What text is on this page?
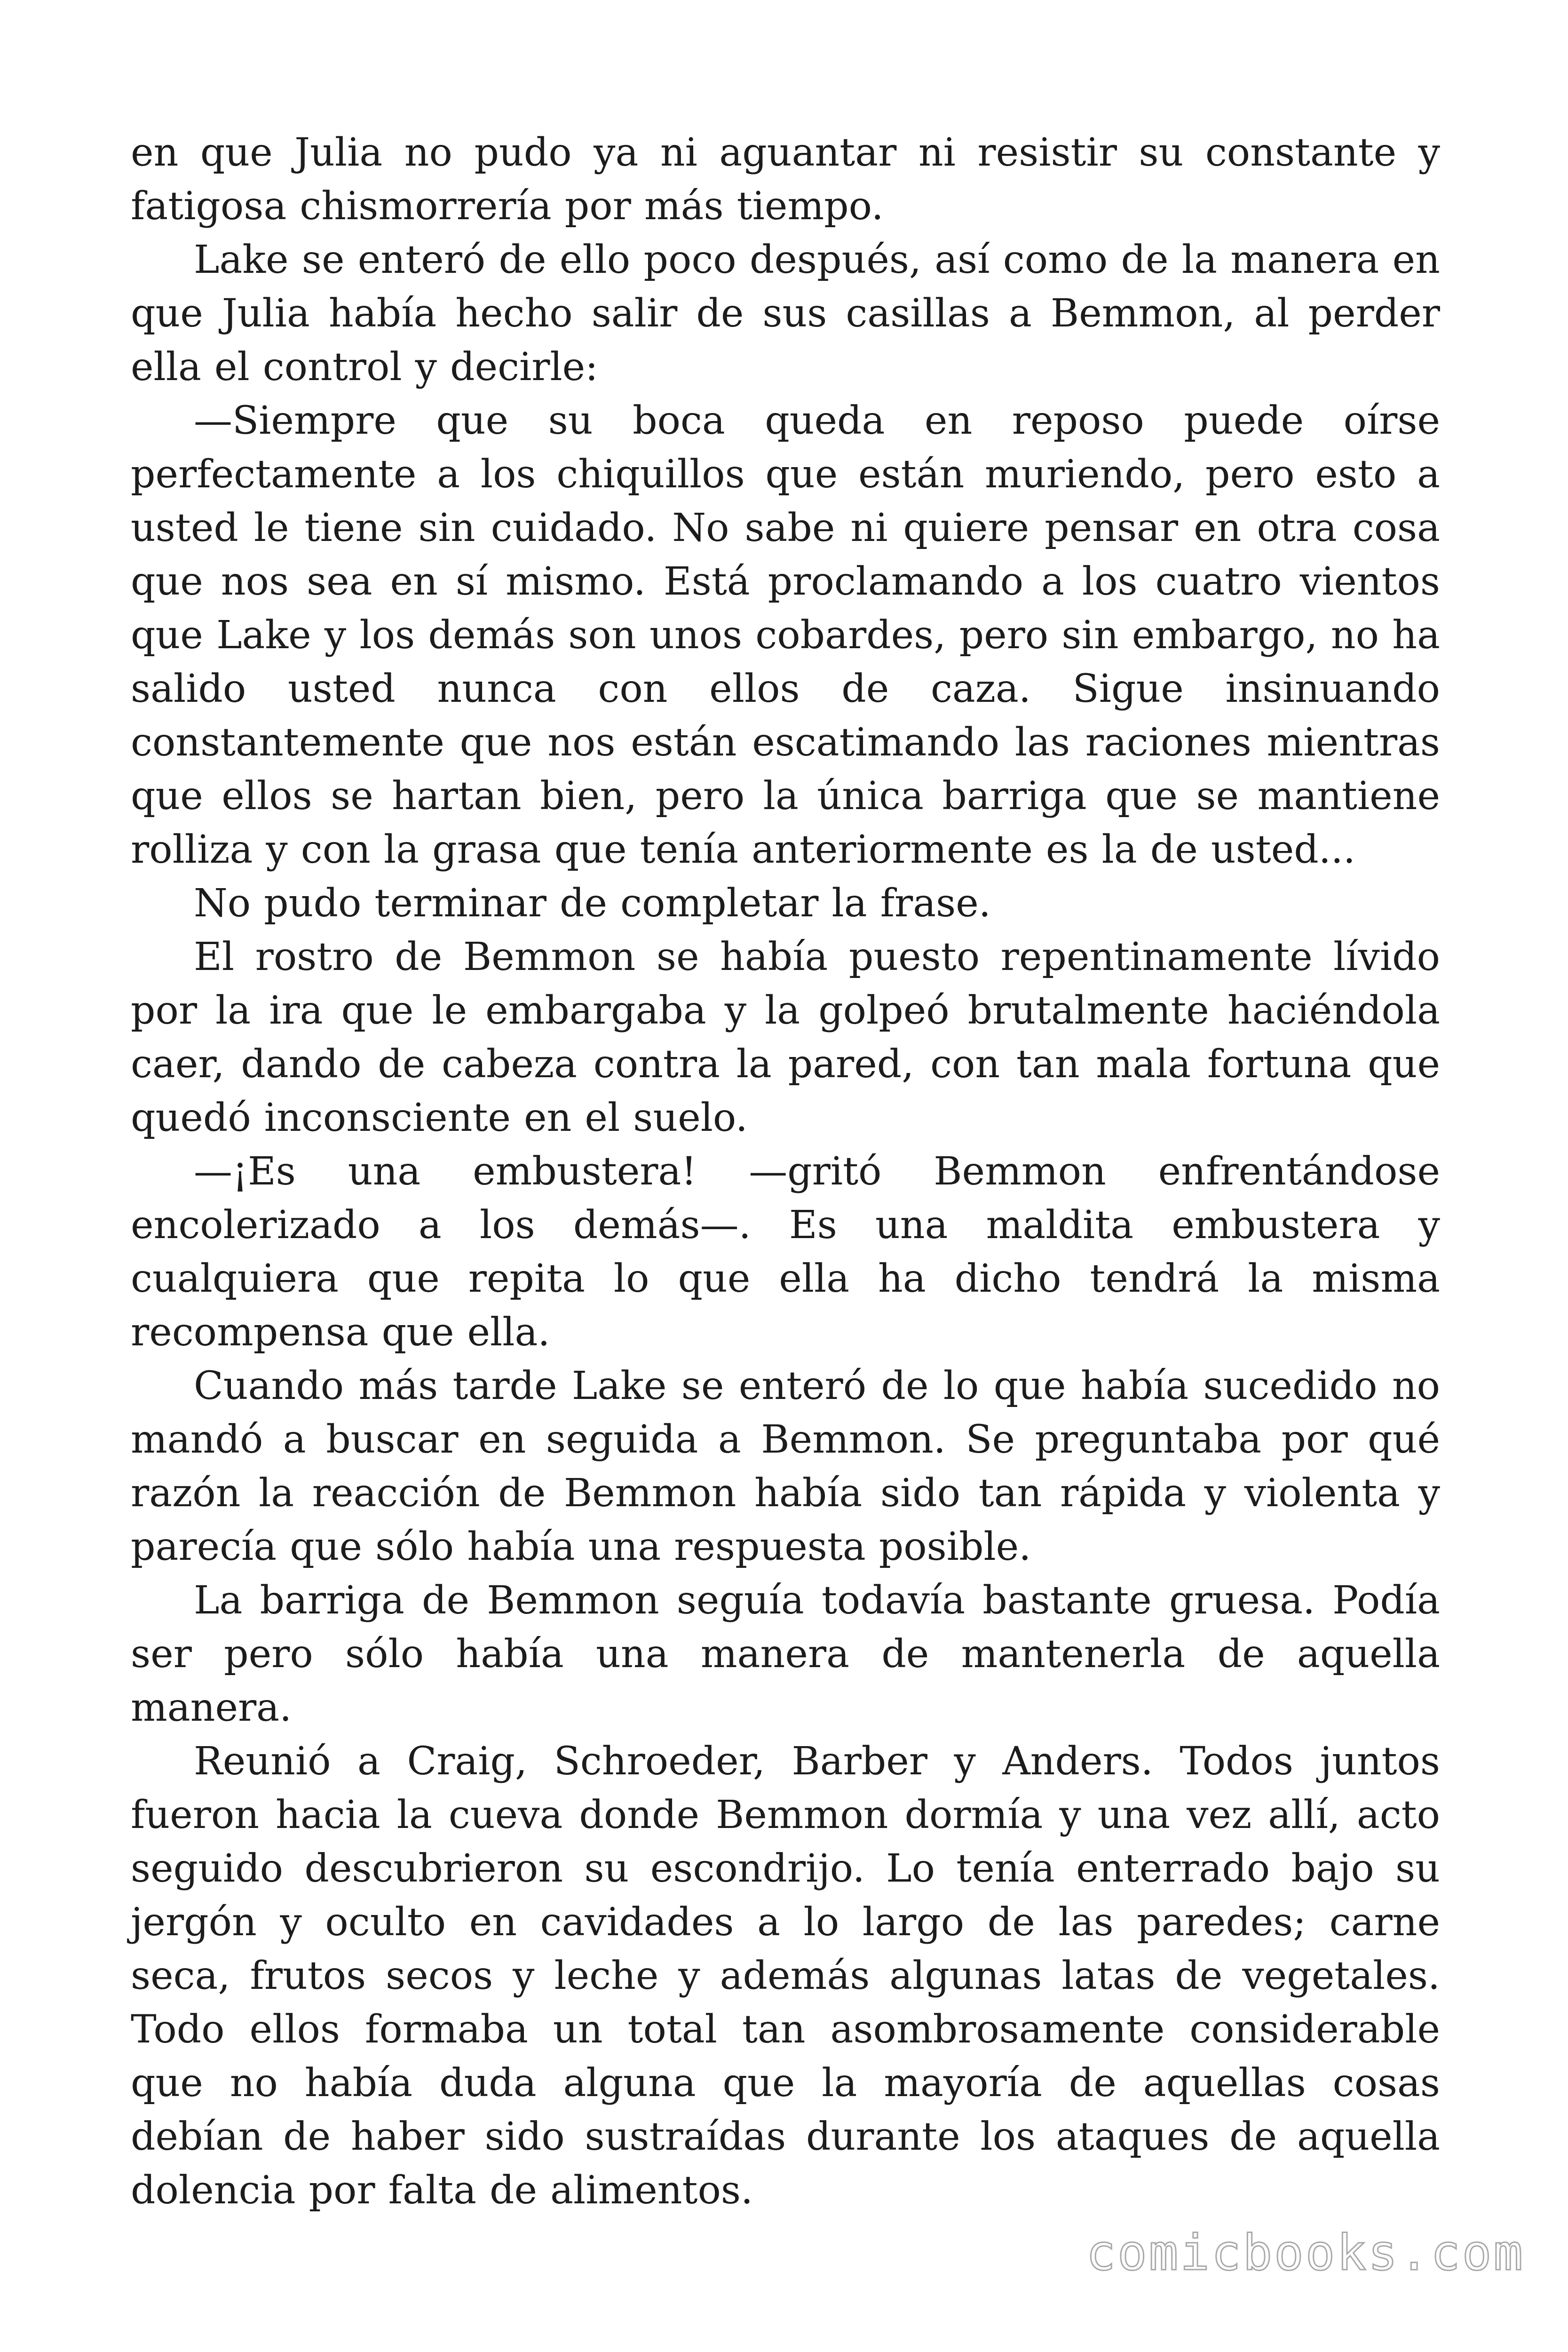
en que Julia no pudo ya ni aguantar ni resistir su constante y fatigosa chismorrería por más tiempo.

Lake se enteró de ello poco después, así como de la manera en que Julia había hecho salir de sus casillas a Bemmon, al perder ella el control y decirle:

—Siempre que su boca queda en reposo puede oírse perfectamente a los chiquillos que están muriendo, pero esto a usted le tiene sin cuidado. No sabe ni quiere pensar en otra cosa que nos sea en sí mismo. Está proclamando a los cuatro vientos que Lake y los demás son unos cobardes, pero sin embargo, no ha salido usted nunca con ellos de caza. Sigue insinuando constantemente que nos están escatimando las raciones mientras que ellos se hartan bien, pero la única barriga que se mantiene rolliza y con la grasa que tenía anteriormente es la de usted...

No pudo terminar de completar la frase.

El rostro de Bemmon se había puesto repentinamente lívido por la ira que le embargaba y la golpeó brutalmente haciéndola caer, dando de cabeza contra la pared, con tan mala fortuna que quedó inconsciente en el suelo.

—¡Es una embustera! —gritó Bemmon enfrentándose encolerizado a los demás—. Es una maldita embustera y cualquiera que repita lo que ella ha dicho tendrá la misma recompensa que ella.

Cuando más tarde Lake se enteró de lo que había sucedido no mandó a buscar en seguida a Bemmon. Se preguntaba por qué razón la reacción de Bemmon había sido tan rápida y violenta y parecía que sólo había una respuesta posible.

La barriga de Bemmon seguía todavía bastante gruesa. Podía ser pero sólo había una manera de mantenerla de aquella manera.

Reunió a Craig, Schroeder, Barber y Anders. Todos juntos fueron hacia la cueva donde Bemmon dormía y una vez allí, acto seguido descubrieron su escondrijo. Lo tenía enterrado bajo su jergón y oculto en cavidades a lo largo de las paredes; carne seca, frutos secos y leche y además algunas latas de vegetales. Todo ellos formaba un total tan asombrosamente considerable que no había duda alguna que la mayoría de aquellas cosas debían de haber sido sustraídas durante los ataques de aquella dolencia por falta de alimentos.

comicbooks.com
